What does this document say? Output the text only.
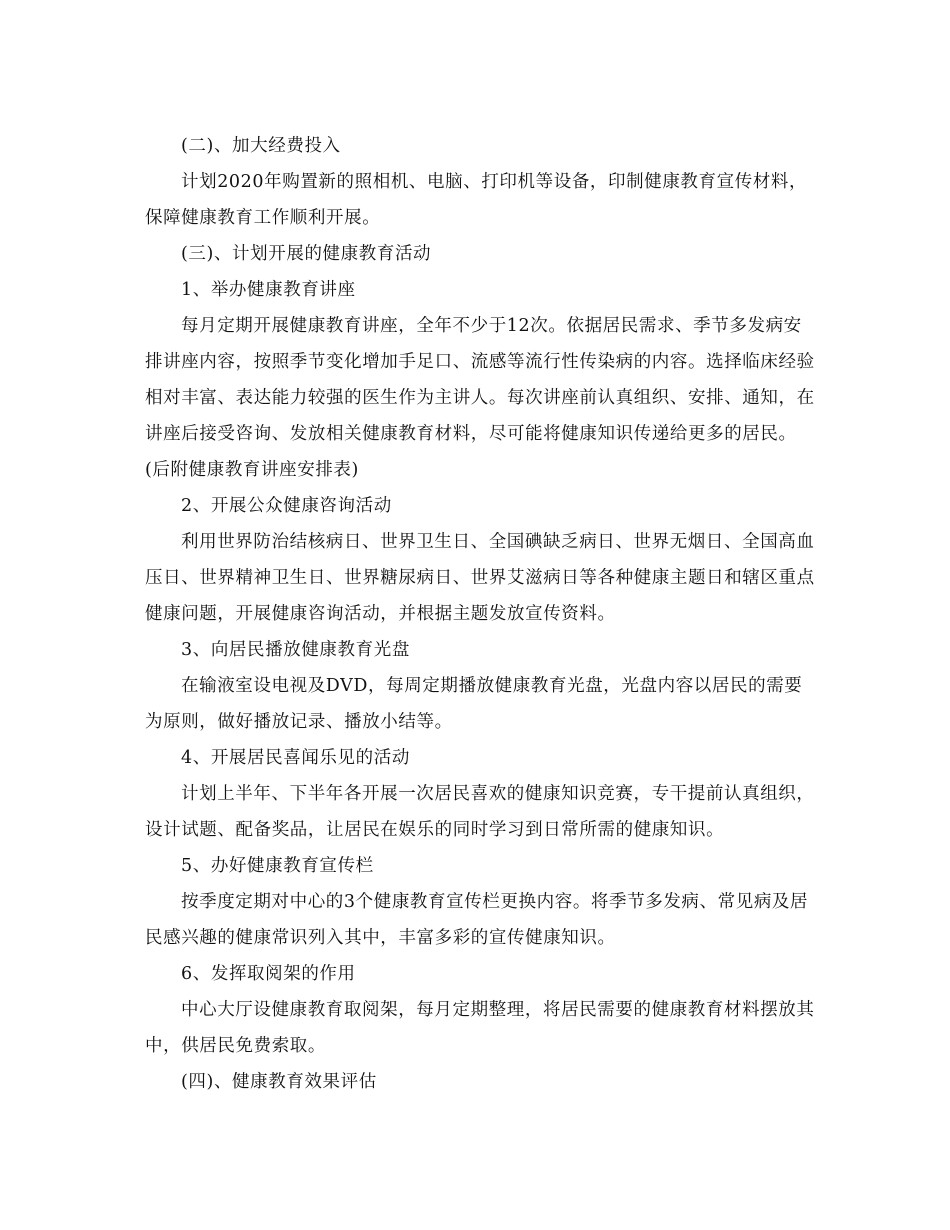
(二)、加大经费投入

计划2020年购置新的照相机、电脑、打印机等设备，印制健康教育宣传材料，保障健康教育工作顺利开展。

(三)、计划开展的健康教育活动

1、举办健康教育讲座

每月定期开展健康教育讲座，全年不少于12次。依据居民需求、季节多发病安排讲座内容，按照季节变化增加手足口、流感等流行性传染病的内容。选择临床经验相对丰富、表达能力较强的医生作为主讲人。每次讲座前认真组织、安排、通知，在讲座后接受咨询、发放相关健康教育材料，尽可能将健康知识传递给更多的居民。(后附健康教育讲座安排表)

2、开展公众健康咨询活动

利用世界防治结核病日、世界卫生日、全国碘缺乏病日、世界无烟日、全国高血压日、世界精神卫生日、世界糖尿病日、世界艾滋病日等各种健康主题日和辖区重点健康问题，开展健康咨询活动，并根据主题发放宣传资料。

3、向居民播放健康教育光盘

在输液室设电视及DVD，每周定期播放健康教育光盘，光盘内容以居民的需要为原则，做好播放记录、播放小结等。

4、开展居民喜闻乐见的活动

计划上半年、下半年各开展一次居民喜欢的健康知识竞赛，专干提前认真组织，设计试题、配备奖品，让居民在娱乐的同时学习到日常所需的健康知识。

5、办好健康教育宣传栏

按季度定期对中心的3个健康教育宣传栏更换内容。将季节多发病、常见病及居民感兴趣的健康常识列入其中，丰富多彩的宣传健康知识。

6、发挥取阅架的作用

中心大厅设健康教育取阅架，每月定期整理，将居民需要的健康教育材料摆放其中，供居民免费索取。

(四)、健康教育效果评估
